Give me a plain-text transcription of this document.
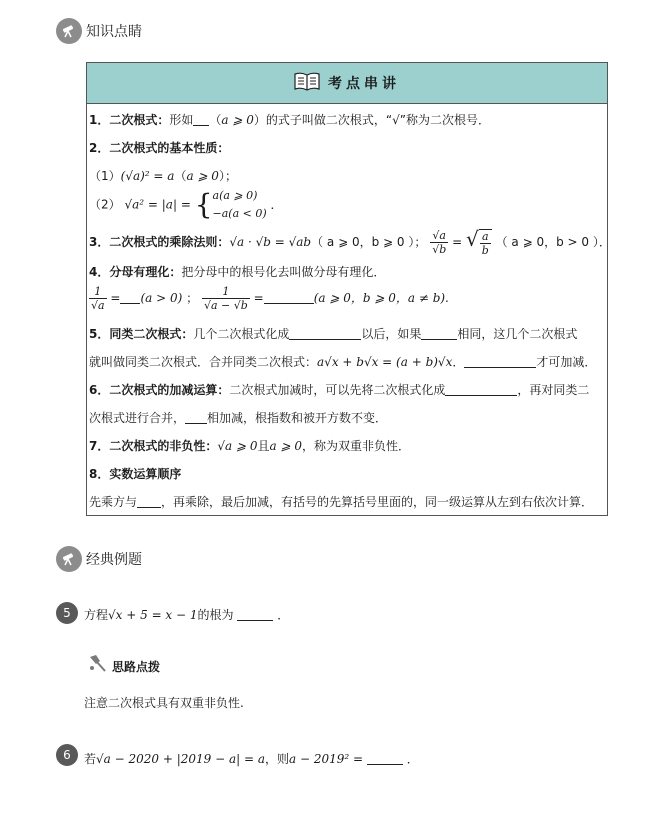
知识点睛
考点串讲
1．二次根式：形如 （a ⩾ 0）的式子叫做二次根式，“√”称为二次根号．
2．二次根式的基本性质：
（1）(√a)² = a（a ⩾ 0）；
（2） √a² = |a| = { a(a ⩾ 0)
−a(a < 0)
．
3．二次根式的乘除法则：√a · √b = √ab（ a ⩾ 0，b ⩾ 0 ）； $\frac{√a}{√b}$ = √ $\frac{a}{b}$ （ a ⩾ 0，b > 0 ）．
4．分母有理化：把分母中的根号化去叫做分母有理化．
$\frac{1}{√a} = (a > 0)$ ； $\frac{1}{√a - √b}$ =	(a ⩾ 0，b ⩾ 0，a ≠ b).
5．同类二次根式：几个二次根式化成	以后，如果	相同，这几个二次根式
就叫做同类二次根式．合并同类二次根式：a√x + b√x = (a + b)√x．	才可加减．
6．二次根式的加减运算：二次根式加减时，可以先将二次根式化成	，再对同类二
次根式进行合并， 相加减，根指数和被开方数不变．
7．二次根式的非负性：√a ⩾ 0且a ⩾ 0，称为双重非负性．
8．实数运算顺序
先乘方与 ，再乘除，最后加减，有括号的先算括号里面的，同一级运算从左到右依次计算．
经典例题
5	方程√x + 5 = x − 1的根为	．
思路点拨
注意二次根式具有双重非负性.
6	若√a − 2020 + |2019 − a| = a，则a − 2019² =	．
